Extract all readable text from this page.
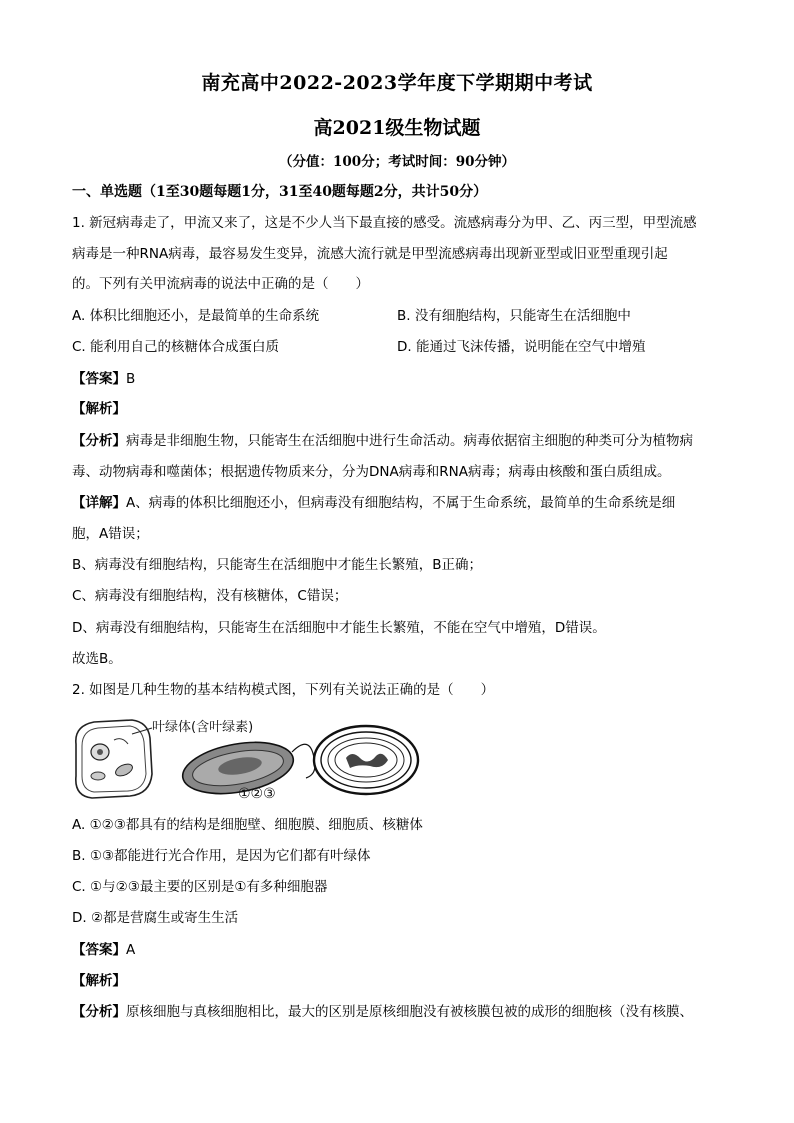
南充高中2022-2023学年度下学期期中考试
高2021级生物试题
（分值：100分；考试时间：90分钟）
一、单选题（1至30题每题1分，31至40题每题2分，共计50分）
1. 新冠病毒走了，甲流又来了，这是不少人当下最直接的感受。流感病毒分为甲、乙、丙三型，甲型流感
病毒是一种RNA病毒，最容易发生变异，流感大流行就是甲型流感病毒出现新亚型或旧亚型重现引起
的。下列有关甲流病毒的说法中正确的是（　　）
A. 体积比细胞还小，是最简单的生命系统	B. 没有细胞结构，只能寄生在活细胞中
C. 能利用自己的核糖体合成蛋白质	D. 能通过飞沫传播，说明能在空气中增殖
【答案】B
【解析】
【分析】病毒是非细胞生物，只能寄生在活细胞中进行生命活动。病毒依据宿主细胞的种类可分为植物病
毒、动物病毒和噬菌体；根据遗传物质来分，分为DNA病毒和RNA病毒；病毒由核酸和蛋白质组成。
【详解】A、病毒的体积比细胞还小，但病毒没有细胞结构，不属于生命系统，最简单的生命系统是细
胞，A错误；
B、病毒没有细胞结构，只能寄生在活细胞中才能生长繁殖，B正确；
C、病毒没有细胞结构，没有核糖体，C错误；
D、病毒没有细胞结构，只能寄生在活细胞中才能生长繁殖，不能在空气中增殖，D错误。
故选B。
2. 如图是几种生物的基本结构模式图，下列有关说法正确的是（　　）
叶绿体(含叶绿素)
①②③
A. ①②③都具有的结构是细胞壁、细胞膜、细胞质、核糖体
B. ①③都能进行光合作用，是因为它们都有叶绿体
C. ①与②③最主要的区别是①有多种细胞器
D. ②都是营腐生或寄生生活
【答案】A
【解析】
【分析】原核细胞与真核细胞相比，最大的区别是原核细胞没有被核膜包被的成形的细胞核（没有核膜、
